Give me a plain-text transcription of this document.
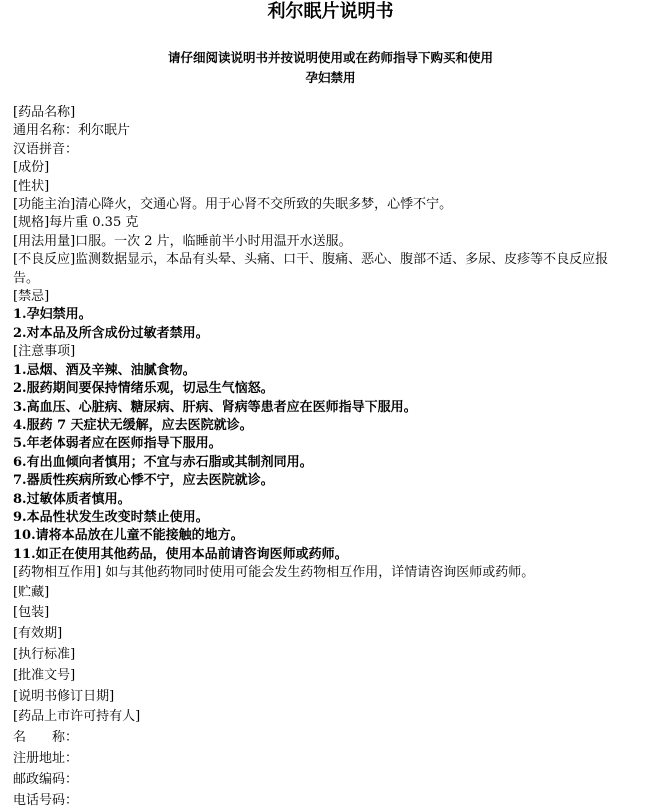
利尔眠片说明书
请仔细阅读说明书并按说明使用或在药师指导下购买和使用
孕妇禁用
[药品名称]
通用名称：利尔眠片
汉语拼音：
[成份]
[性状]
[功能主治]清心降火，交通心肾。用于心肾不交所致的失眠多梦，心悸不宁。
[规格]每片重 0.35 克
[用法用量]口服。一次 2 片，临睡前半小时用温开水送服。
[不良反应]监测数据显示，本品有头晕、头痛、口干、腹痛、恶心、腹部不适、多尿、皮疹等不良反应报告。
[禁忌]
1.孕妇禁用。
2.对本品及所含成份过敏者禁用。
[注意事项]
1.忌烟、酒及辛辣、油腻食物。
2.服药期间要保持情绪乐观，切忌生气恼怒。
3.高血压、心脏病、糖尿病、肝病、肾病等患者应在医师指导下服用。
4.服药 7 天症状无缓解，应去医院就诊。
5.年老体弱者应在医师指导下服用。
6.有出血倾向者慎用；不宜与赤石脂或其制剂同用。
7.器质性疾病所致心悸不宁，应去医院就诊。
8.过敏体质者慎用。
9.本品性状发生改变时禁止使用。
10.请将本品放在儿童不能接触的地方。
11.如正在使用其他药品，使用本品前请咨询医师或药师。
[药物相互作用] 如与其他药物同时使用可能会发生药物相互作用，详情请咨询医师或药师。
[贮藏]
[包装]
[有效期]
[执行标准]
[批准文号]
[说明书修订日期]
[药品上市许可持有人]
名　　称：
注册地址：
邮政编码：
电话号码：
